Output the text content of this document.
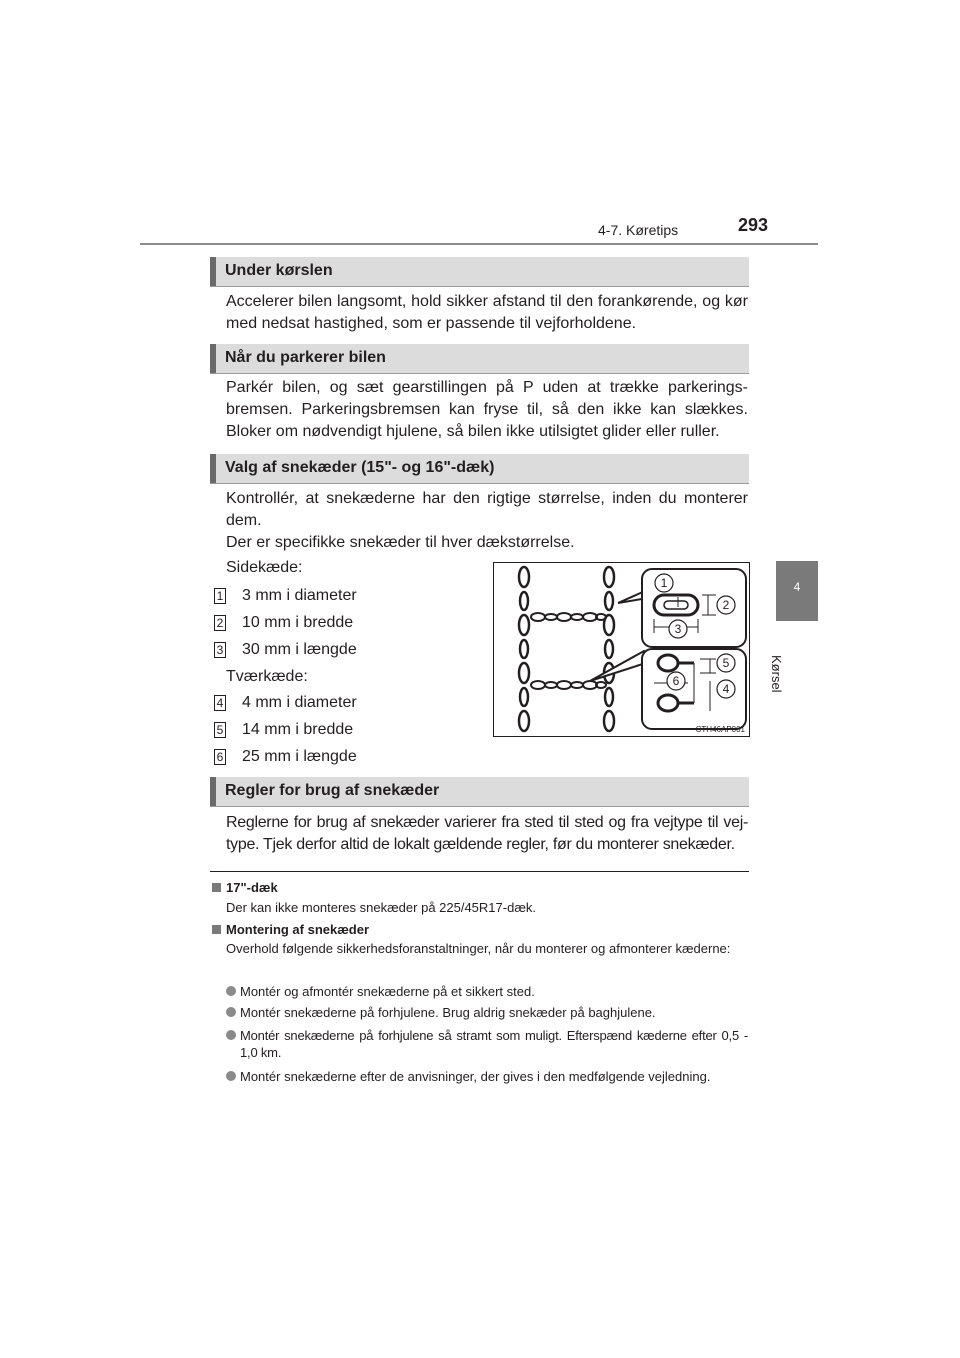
4-7. Køretips	293
4
Kørsel
Under kørslen

Accelerer bilen langsomt, hold sikker afstand til den forankørende, og kør med nedsat hastighed, som er passende til vejforholdene.

Når du parkerer bilen

Parkér bilen, og sæt gearstillingen på P uden at trække parkerings-bremsen. Parkeringsbremsen kan fryse til, så den ikke kan slækkes. Bloker om nødvendigt hjulene, så bilen ikke utilsigtet glider eller ruller.

Valg af snekæder (15"- og 16"-dæk)

Kontrollér, at snekæderne har den rigtige størrelse, inden du monterer dem.

Der er specifikke snekæder til hver dækstørrelse.

Sidekæde:
1 3 mm i diameter
2 10 mm i bredde
3 30 mm i længde
Tværkæde:
4 4 mm i diameter
5 14 mm i bredde
6 25 mm i længde
1
2
3
4
5
6
CTH46AP001
Regler for brug af snekæder

Reglerne for brug af snekæder varierer fra sted til sted og fra vejtype til vej-type. Tjek derfor altid de lokalt gældende regler, før du monterer snekæder.

17"-dæk
Der kan ikke monteres snekæder på 225/45R17-dæk.
Montering af snekæder
Overhold følgende sikkerhedsforanstaltninger, når du monterer og afmonterer kæderne:
Montér og afmontér snekæderne på et sikkert sted.
Montér snekæderne på forhjulene. Brug aldrig snekæder på baghjulene.
Montér snekæderne på forhjulene så stramt som muligt. Efterspænd kæderne efter 0,5 - 1,0 km.
Montér snekæderne efter de anvisninger, der gives i den medfølgende vejledning.
